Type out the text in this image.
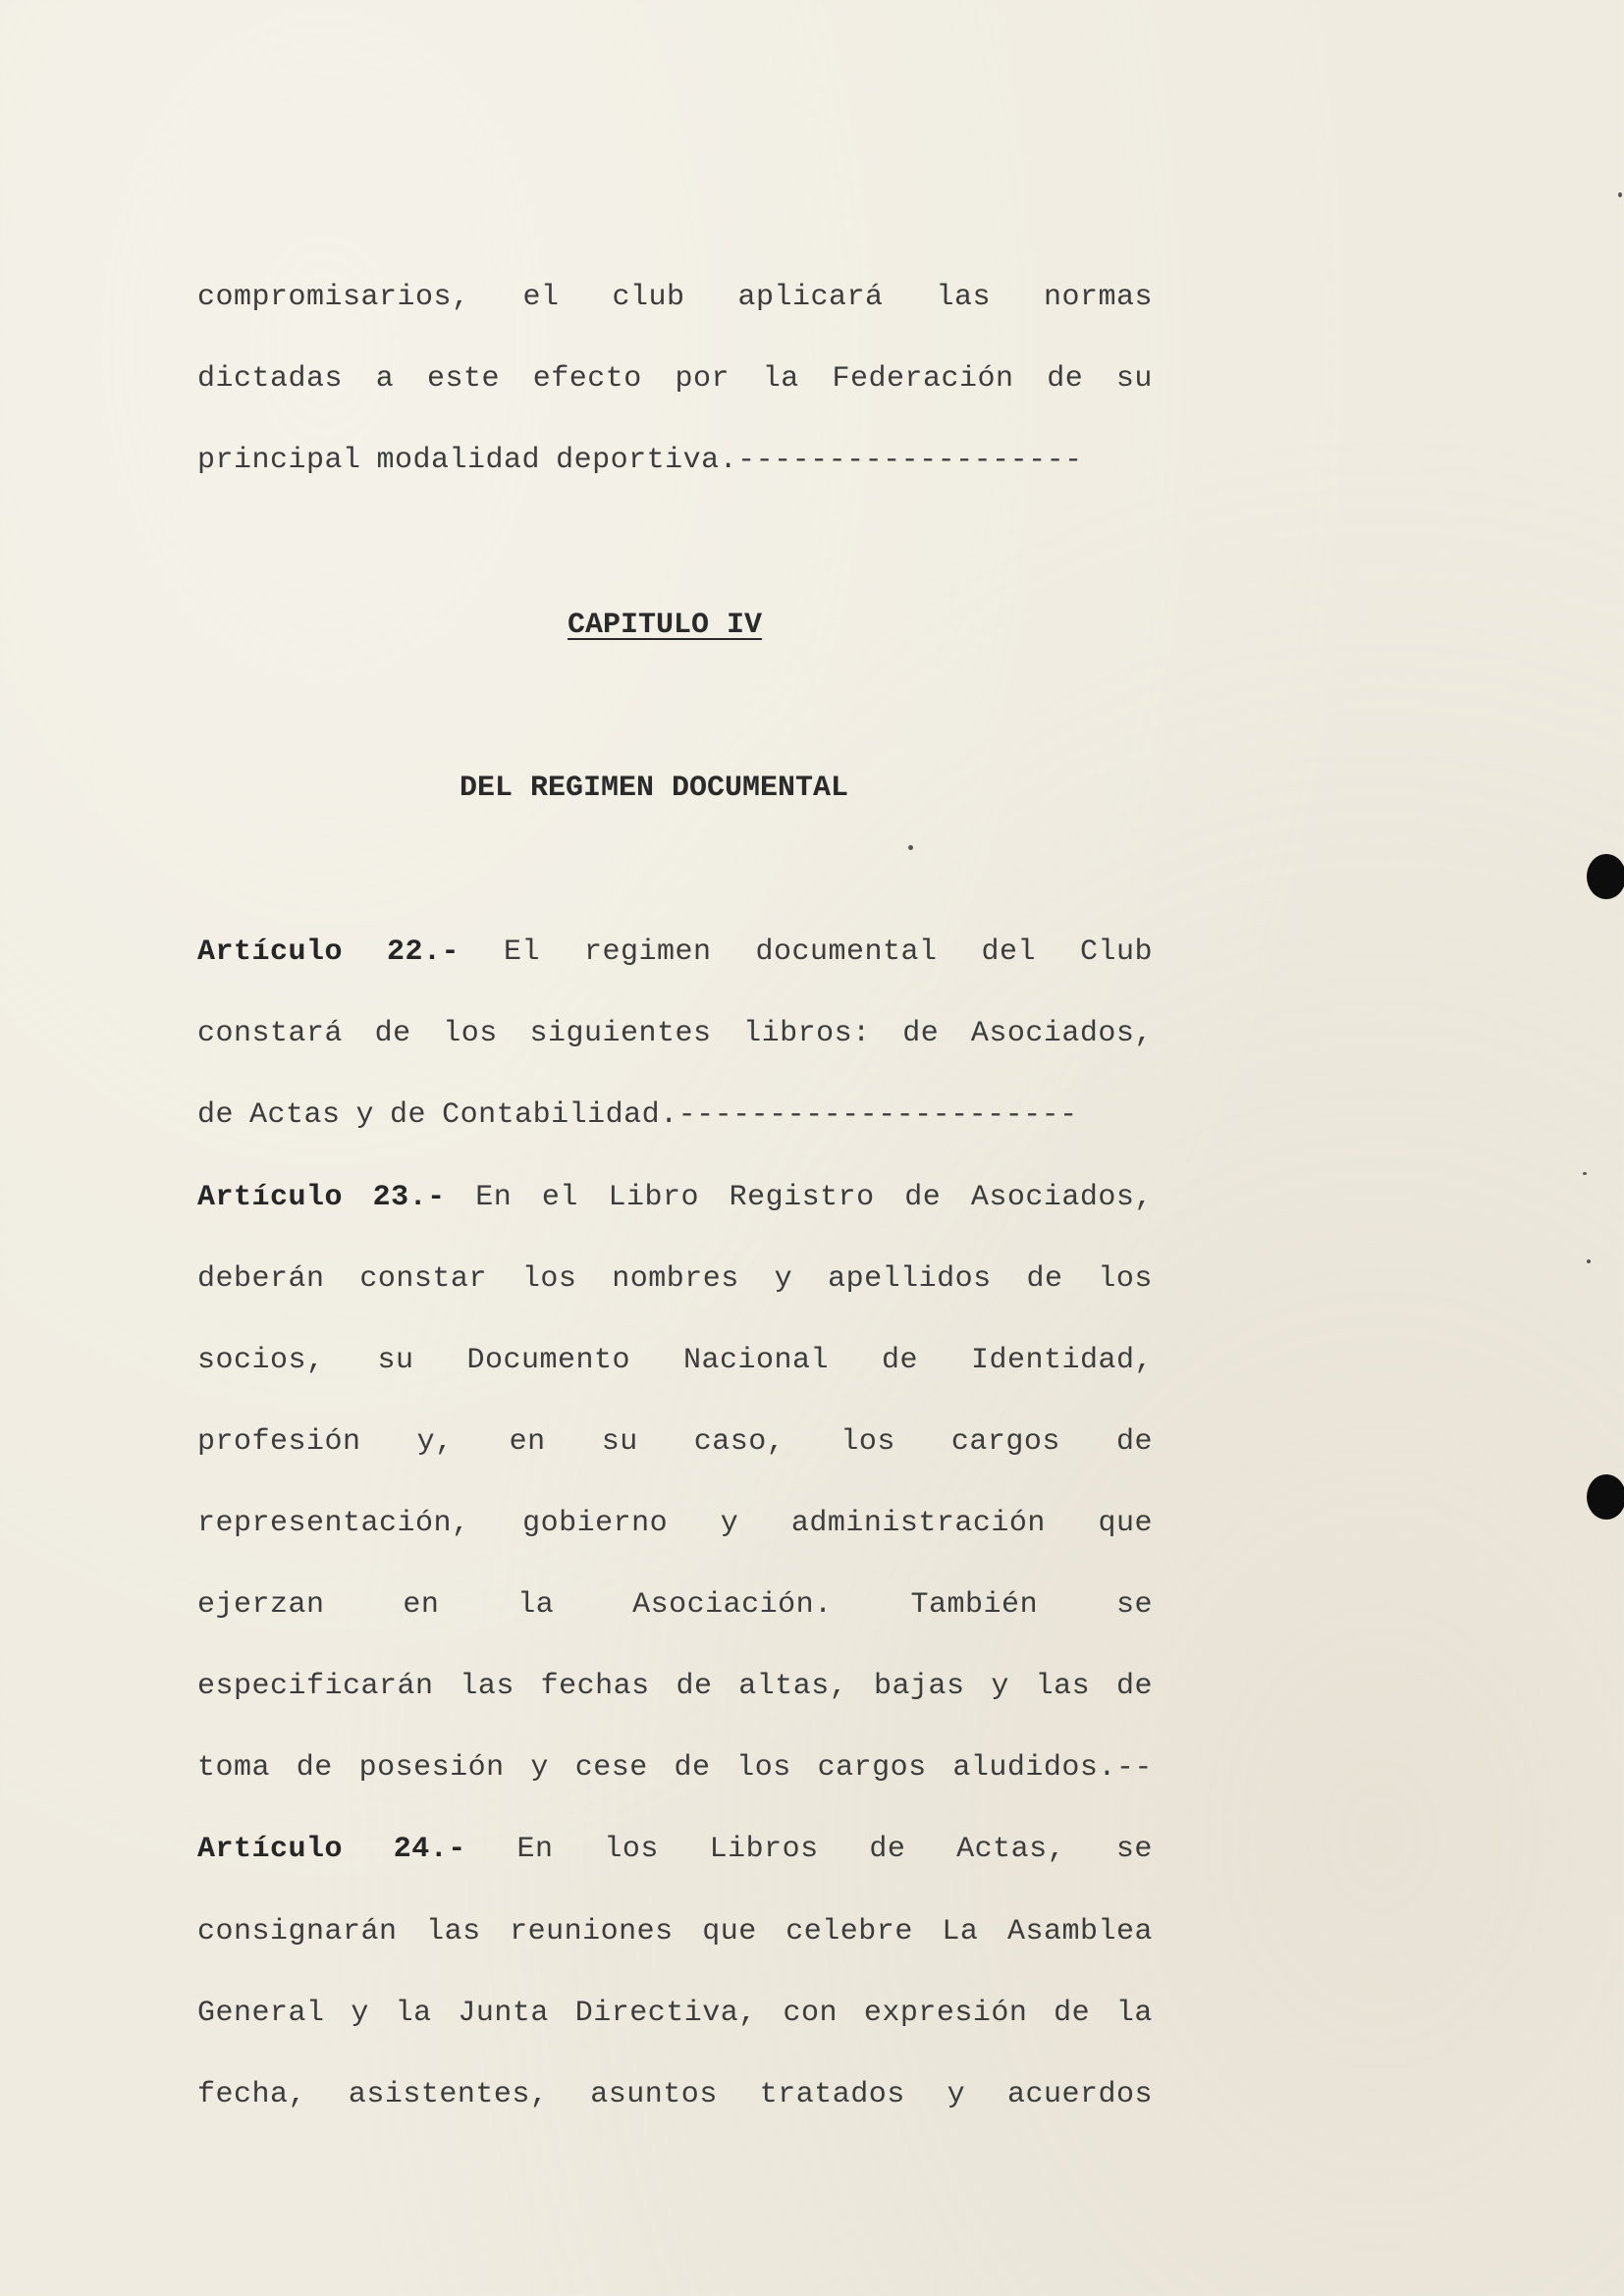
compromisarios, el club aplicará las normas
dictadas a este efecto por la Federación de su
principal modalidad deportiva.-------------------
Artículo 22.- El regimen documental del Club
constará de los siguientes libros: de Asociados,
de Actas y de Contabilidad.----------------------
Artículo 23.- En el Libro Registro de Asociados,
deberán constar los nombres y apellidos de los
socios, su Documento Nacional de Identidad,
profesión y, en su caso, los cargos de
representación, gobierno y administración que
ejerzan	en	la	Asociación.	También	se
especificarán las fechas de altas, bajas y las de
toma de posesión y cese de los cargos aludidos.--
Artículo 24.- En los Libros de Actas, se
consignarán las reuniones que celebre La Asamblea
General y la Junta Directiva, con expresión de la
fecha, asistentes, asuntos tratados y acuerdos
CAPITULO IV
DEL REGIMEN DOCUMENTAL
